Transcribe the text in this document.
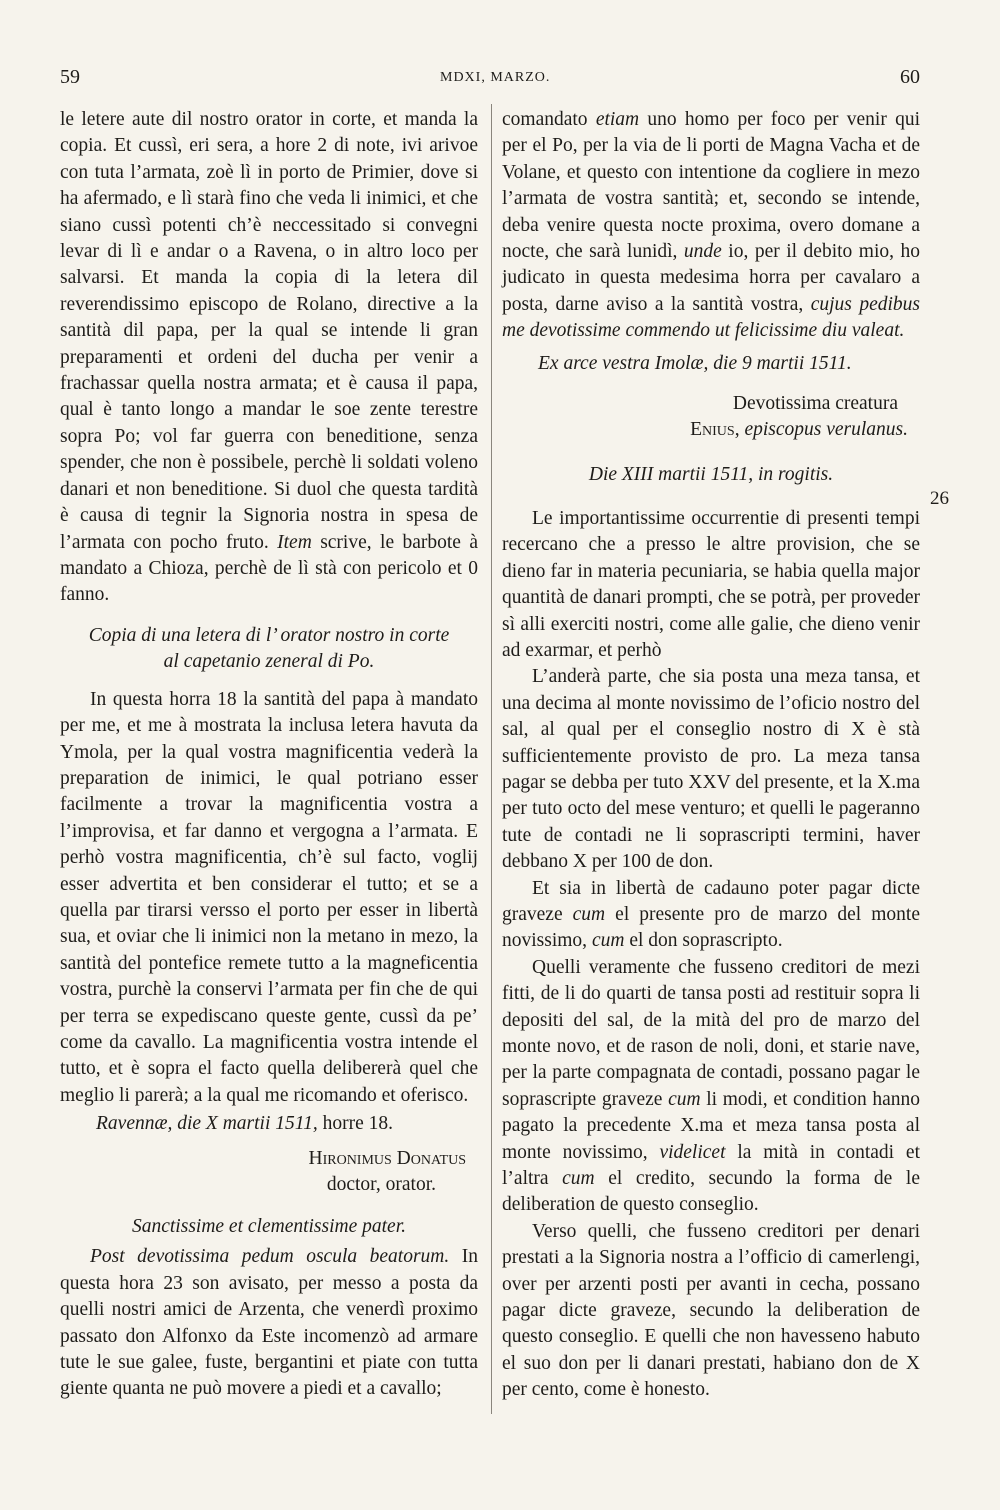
59	MDXI, MARZO.	60

le letere aute dil nostro orator in corte, et manda la copia. Et cussì, eri sera, a hore 2 di note, ivi arivoe con tuta l’armata, zoè lì in porto de Primier, dove si ha afermado, e lì starà fino che veda li inimici, et che siano cussì potenti ch’è neccessitado si convegni levar di lì e andar o a Ravena, o in altro loco per salvarsi. Et manda la copia di la letera dil reverendissimo episcopo de Rolano, directive a la santità dil papa, per la qual se intende li gran preparamenti et ordeni del ducha per venir a frachassar quella nostra armata; et è causa il papa, qual è tanto longo a mandar le soe zente terestre sopra Po; vol far guerra con beneditione, senza spender, che non è possibele, perchè li soldati voleno danari et non beneditione. Si duol che questa tardità è causa di tegnir la Signoria nostra in spesa de l’armata con pocho fruto. Item scrive, le barbote à mandato a Chioza, perchè de lì stà con pericolo et 0 fanno.

Copia di una letera di l’ orator nostro in corte
al capetanio zeneral di Po.

In questa horra 18 la santità del papa à mandato per me, et me à mostrata la inclusa letera havuta da Ymola, per la qual vostra magnificentia vederà la preparation de inimici, le qual potriano esser facilmente a trovar la magnificentia vostra a l’improvisa, et far danno et vergogna a l’armata. E perhò vostra magnificentia, ch’è sul facto, voglij esser advertita et ben considerar el tutto; et se a quella par tirarsi versso el porto per esser in libertà sua, et oviar che li inimici non la metano in mezo, la santità del pontefice remete tutto a la magneficentia vostra, purchè la conservi l’armata per fin che de qui per terra se expediscano queste gente, cussì da pe’ come da cavallo. La magnificentia vostra intende el tutto, et è sopra el facto quella delibererà quel che meglio li parerà; a la qual me ricomando et oferisco.

Ravennæ, die X martii 1511, horre 18.

Hironimus Donatus
doctor, orator.
Sanctissime et clementissime pater.

Post devotissima pedum oscula beatorum. In questa hora 23 son avisato, per messo a posta da quelli nostri amici de Arzenta, che venerdì proximo passato don Alfonxo da Este incomenzò ad armare tute le sue galee, fuste, bergantini et piate con tutta giente quanta ne può movere a piedi et a cavallo;

comandato etiam uno homo per foco per venir qui per el Po, per la via de li porti de Magna Vacha et de Volane, et questo con intentione da cogliere in mezo l’armata de vostra santità; et, secondo se intende, deba venire questa nocte proxima, overo domane a nocte, che sarà lunidì, unde io, per il debito mio, ho judicato in questa medesima horra per cavalaro a posta, darne aviso a la santità vostra, cujus pedibus me devotissime commendo ut felicissime diu valeat.

Ex arce vestra Imolæ, die 9 martii 1511.

Devotissima creatura
Enius, episcopus verulanus.
Die XIII martii 1511, in rogitis.

Le importantissime occurrentie di presenti tempi recercano che a presso le altre provision, che se dieno far in materia pecuniaria, se habia quella major quantità de danari prompti, che se potrà, per proveder sì alli exerciti nostri, come alle galie, che dieno venir ad exarmar, et perhò

L’anderà parte, che sia posta una meza tansa, et una decima al monte novissimo de l’oficio nostro del sal, al qual per el conseglio nostro di X è stà sufficientemente provisto de pro. La meza tansa pagar se debba per tuto XXV del presente, et la X.ma per tuto octo del mese venturo; et quelli le pageranno tute de contadi ne li soprascripti termini, haver debbano X per 100 de don.

Et sia in libertà de cadauno poter pagar dicte graveze cum el presente pro de marzo del monte novissimo, cum el don soprascripto.

Quelli veramente che fusseno creditori de mezi fitti, de li do quarti de tansa posti ad restituir sopra li depositi del sal, de la mità del pro de marzo del monte novo, et de rason de noli, doni, et starie nave, per la parte compagnata de contadi, possano pagar le soprascripte graveze cum li modi, et condition hanno pagato la precedente X.ma et meza tansa posta al monte novissimo, videlicet la mità in contadi et l’altra cum el credito, secundo la forma de le deliberation de questo conseglio.

Verso quelli, che fusseno creditori per denari prestati a la Signoria nostra a l’officio di camerlengi, over per arzenti posti per avanti in cecha, possano pagar dicte graveze, secundo la deliberation de questo conseglio. E quelli che non havesseno habuto el suo don per li danari prestati, habiano don de X per cento, come è honesto.

26
